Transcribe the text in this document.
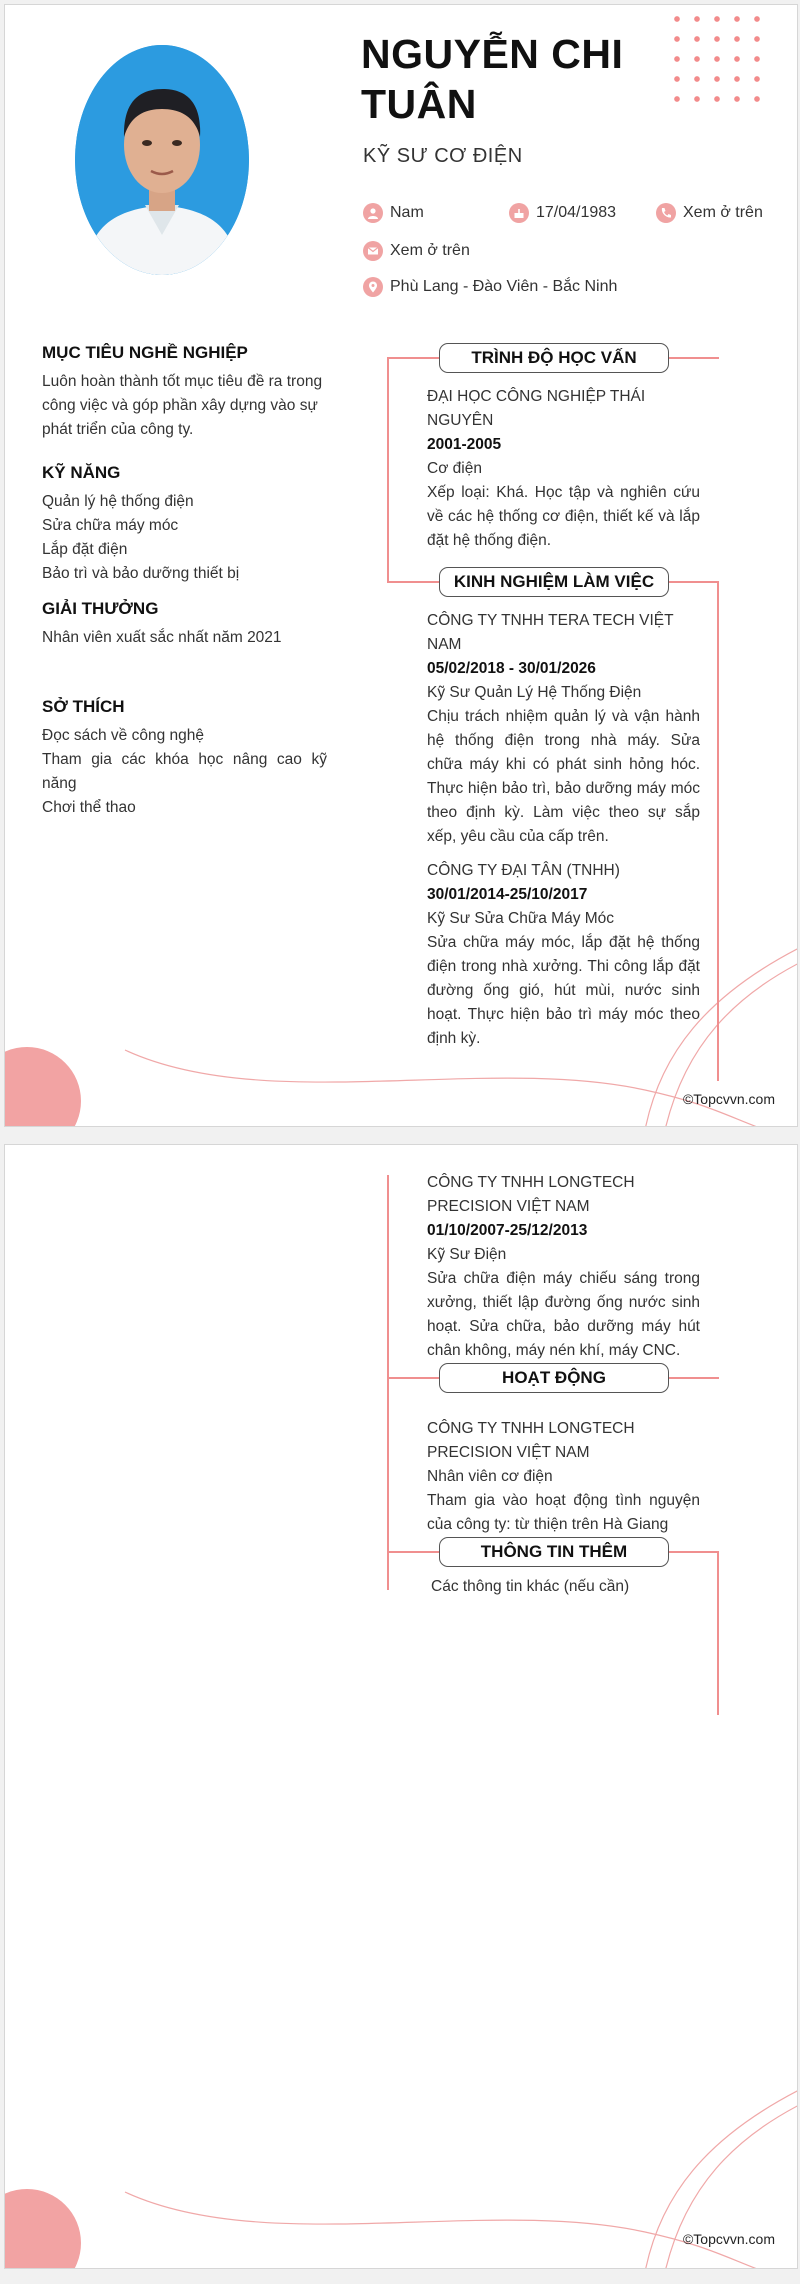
NGUYỄN CHI TUÂN
KỸ SƯ CƠ ĐIỆN
Nam	17/04/1983	Xem ở trên
Xem ở trên
Phù Lang - Đào Viên - Bắc Ninh
MỤC TIÊU NGHỀ NGHIỆP
Luôn hoàn thành tốt mục tiêu đề ra trong công việc và góp phần xây dựng vào sự phát triển của công ty.
KỸ NĂNG
Quản lý hệ thống điện
Sửa chữa máy móc
Lắp đặt điện
Bảo trì và bảo dưỡng thiết bị
GIẢI THƯỞNG
Nhân viên xuất sắc nhất năm 2021
SỞ THÍCH
Đọc sách về công nghệ
Tham gia các khóa học nâng cao kỹ năng
Chơi thể thao
TRÌNH ĐỘ HỌC VẤN
ĐẠI HỌC CÔNG NGHIỆP THÁI NGUYÊN
2001-2005
Cơ điện
Xếp loại: Khá. Học tập và nghiên cứu về các hệ thống cơ điện, thiết kế và lắp đặt hệ thống điện.
KINH NGHIỆM LÀM VIỆC
CÔNG TY TNHH TERA TECH VIỆT NAM
05/02/2018 - 30/01/2026
Kỹ Sư Quản Lý Hệ Thống Điện
Chịu trách nhiệm quản lý và vận hành hệ thống điện trong nhà máy. Sửa chữa máy khi có phát sinh hỏng hóc. Thực hiện bảo trì, bảo dưỡng máy móc theo định kỳ. Làm việc theo sự sắp xếp, yêu cầu của cấp trên.
CÔNG TY ĐẠI TÂN (TNHH)
30/01/2014-25/10/2017
Kỹ Sư Sửa Chữa Máy Móc
Sửa chữa máy móc, lắp đặt hệ thống điện trong nhà xưởng. Thi công lắp đặt đường ống gió, hút mùi, nước sinh hoạt. Thực hiện bảo trì máy móc theo định kỳ.
©Topcvvn.com
CÔNG TY TNHH LONGTECH PRECISION VIỆT NAM
01/10/2007-25/12/2013
Kỹ Sư Điện
Sửa chữa điện máy chiếu sáng trong xưởng, thiết lập đường ống nước sinh hoạt. Sửa chữa, bảo dưỡng máy hút chân không, máy nén khí, máy CNC.
HOẠT ĐỘNG
CÔNG TY TNHH LONGTECH PRECISION VIỆT NAM
Nhân viên cơ điện
Tham gia vào hoạt động tình nguyện của công ty: từ thiện trên Hà Giang
THÔNG TIN THÊM
Các thông tin khác (nếu cần)
©Topcvvn.com
